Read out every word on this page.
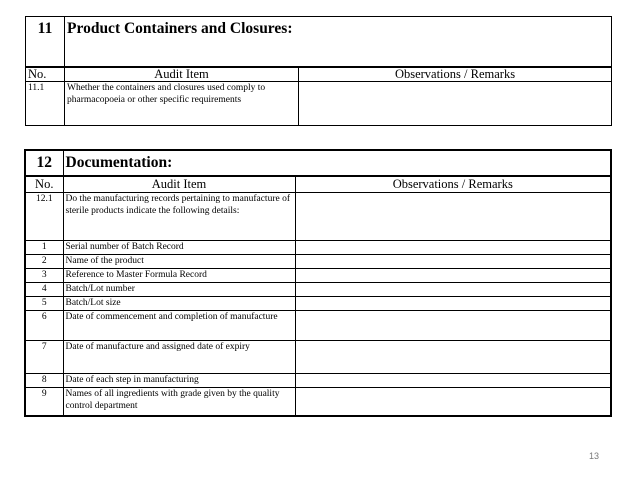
11	Product Containers and Closures:	
No.	Audit Item	Observations / Remarks
11.1	Whether the containers and closures used comply to pharmacopoeia or other specific requirements	
12	Documentation:	
No.	Audit Item	Observations / Remarks
12.1	Do the manufacturing records pertaining to manufacture of sterile products indicate the following details:	
1	Serial number of Batch Record	
2	Name of the product	
3	Reference to Master Formula Record	
4	Batch/Lot number	
5	Batch/Lot size	
6	Date of commencement and completion of manufacture	
7	Date of manufacture and assigned date of expiry	
8	Date of each step in manufacturing	
9	Names of all ingredients with grade given by the quality control department	
13
